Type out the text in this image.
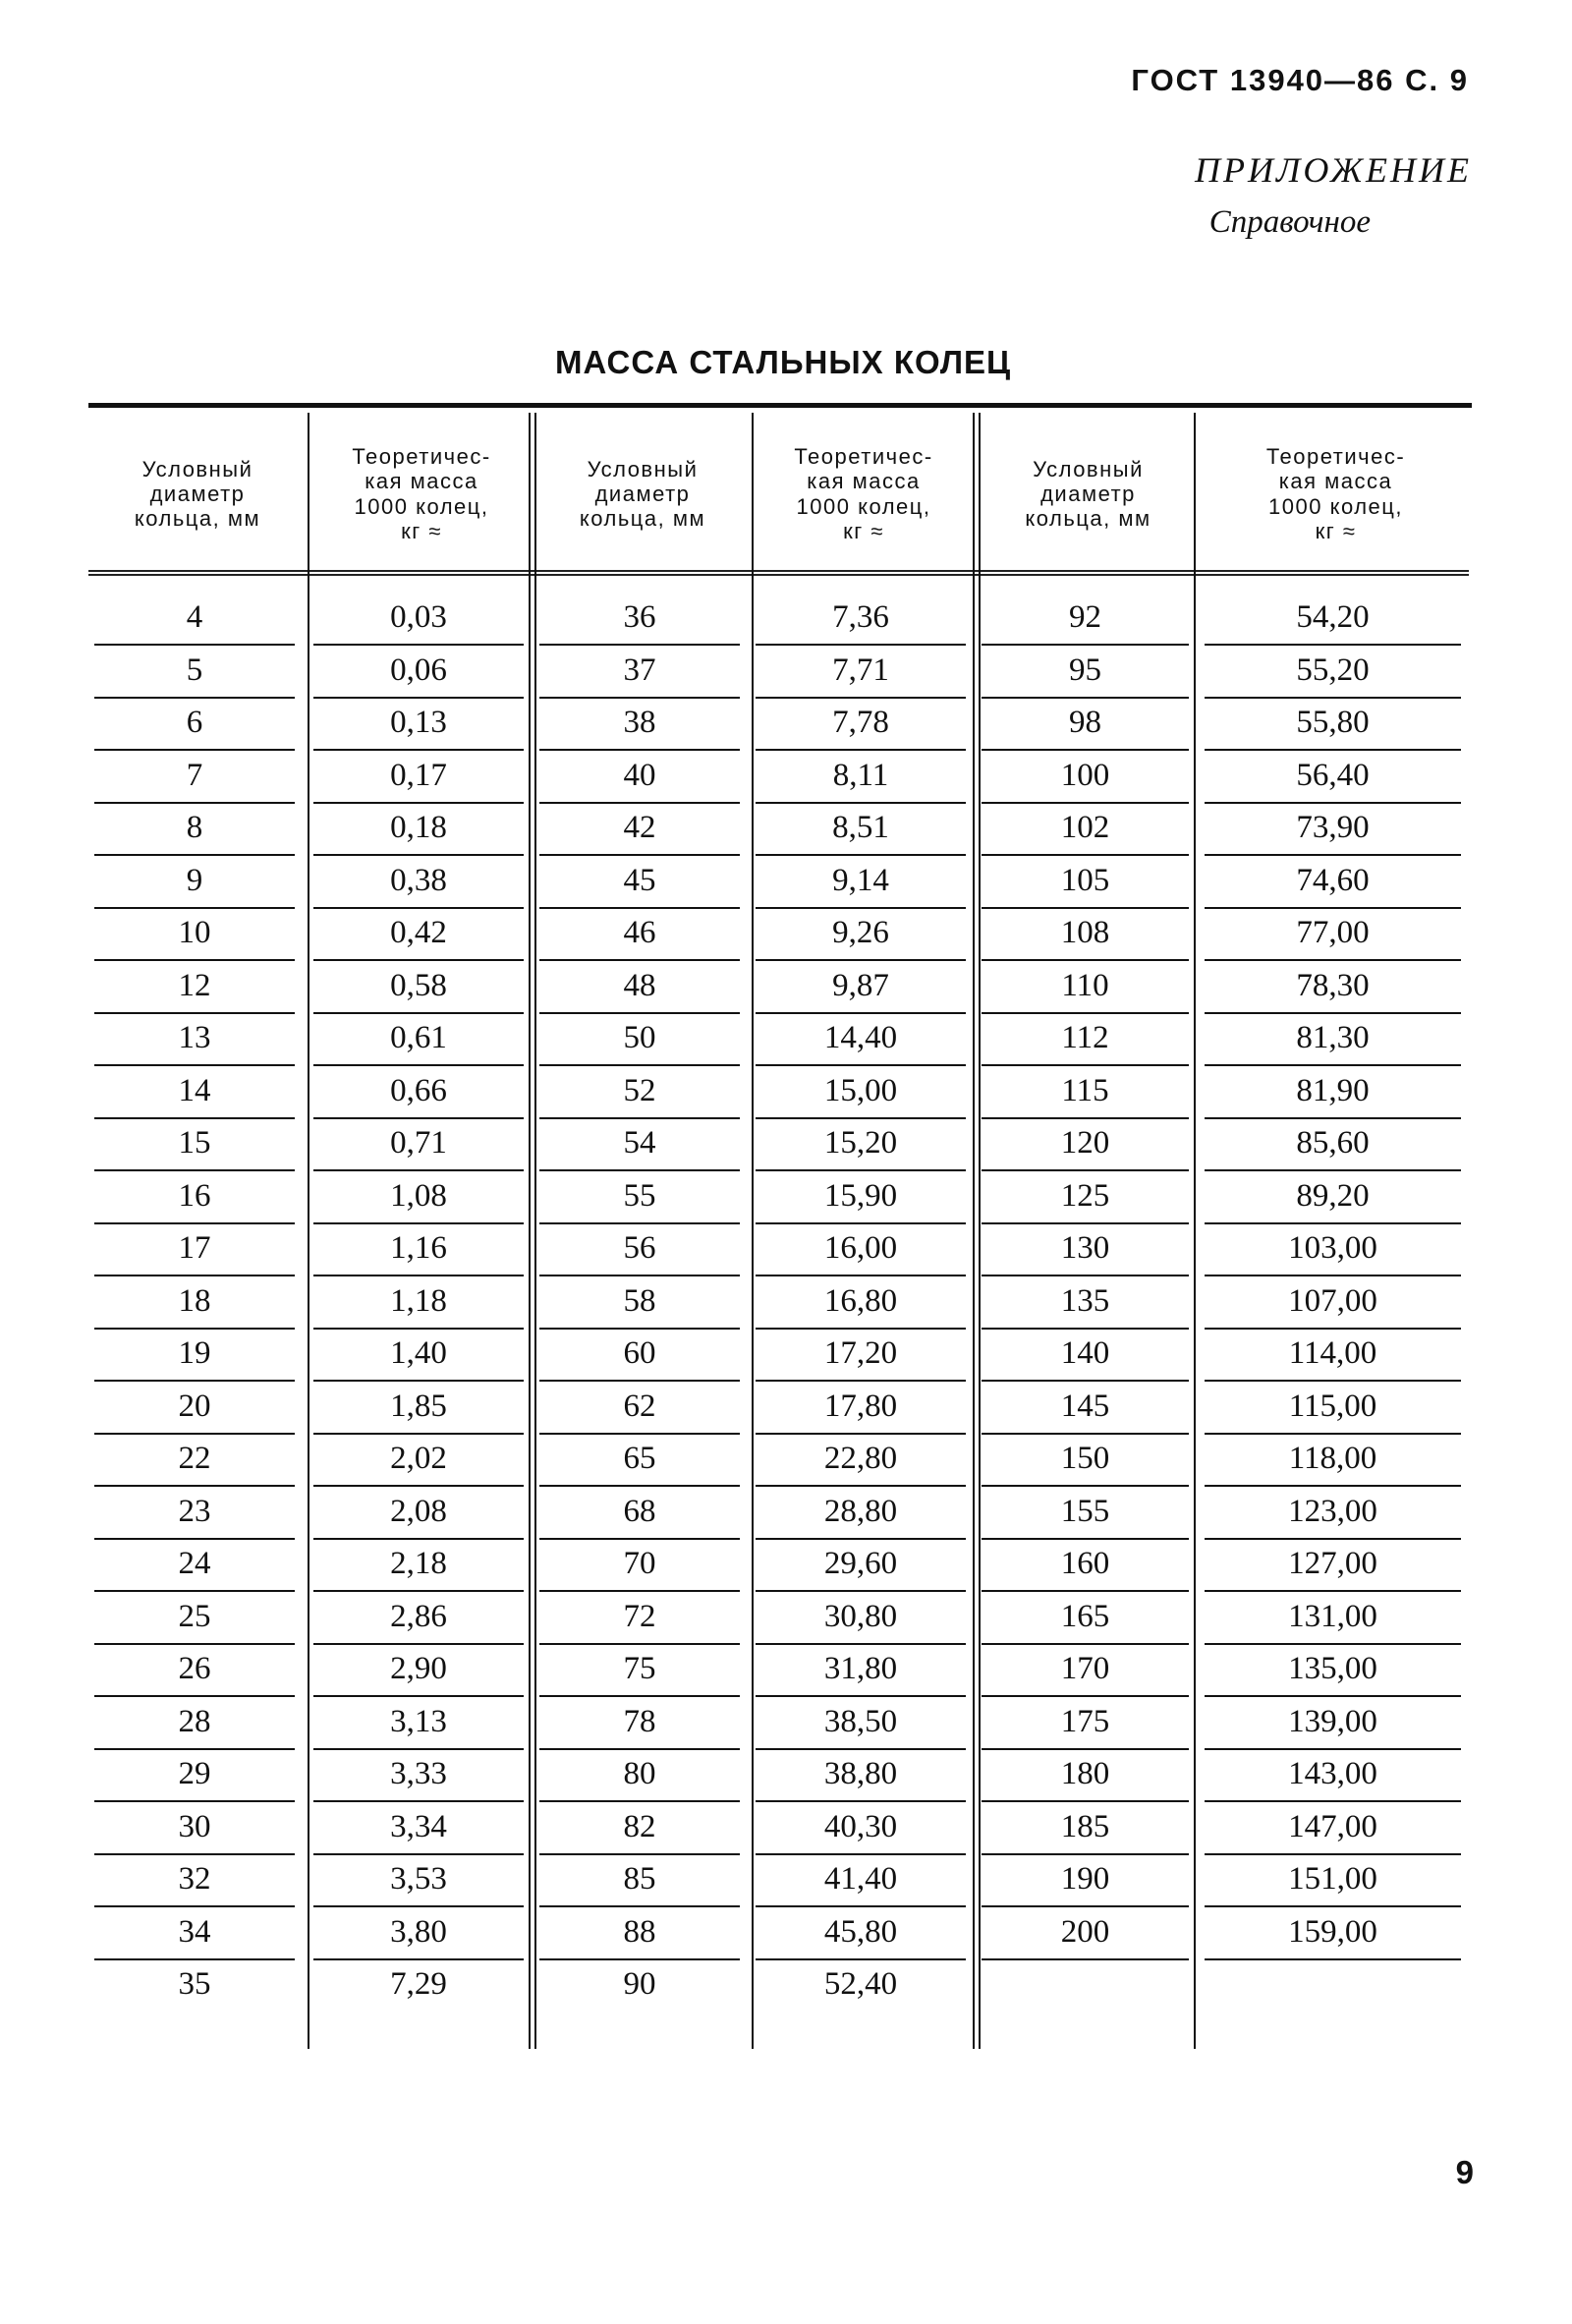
ГОСТ 13940—86 С. 9
ПРИЛОЖЕНИЕ
Справочное
МАССА СТАЛЬНЫХ КОЛЕЦ
Условный
диаметр
кольца, мм
Теоретичес-
кая масса
1000 колец,
кг ≈
Условный
диаметр
кольца, мм
Теоретичес-
кая масса
1000 колец,
кг ≈
Условный
диаметр
кольца, мм
Теоретичес-
кая масса
1000 колец,
кг ≈
4
5
6
7
8
9
10
12
13
14
15
16
17
18
19
20
22
23
24
25
26
28
29
30
32
34
35
0,03
0,06
0,13
0,17
0,18
0,38
0,42
0,58
0,61
0,66
0,71
1,08
1,16
1,18
1,40
1,85
2,02
2,08
2,18
2,86
2,90
3,13
3,33
3,34
3,53
3,80
7,29
36
37
38
40
42
45
46
48
50
52
54
55
56
58
60
62
65
68
70
72
75
78
80
82
85
88
90
7,36
7,71
7,78
8,11
8,51
9,14
9,26
9,87
14,40
15,00
15,20
15,90
16,00
16,80
17,20
17,80
22,80
28,80
29,60
30,80
31,80
38,50
38,80
40,30
41,40
45,80
52,40
92
95
98
100
102
105
108
110
112
115
120
125
130
135
140
145
150
155
160
165
170
175
180
185
190
200
54,20
55,20
55,80
56,40
73,90
74,60
77,00
78,30
81,30
81,90
85,60
89,20
103,00
107,00
114,00
115,00
118,00
123,00
127,00
131,00
135,00
139,00
143,00
147,00
151,00
159,00
9
